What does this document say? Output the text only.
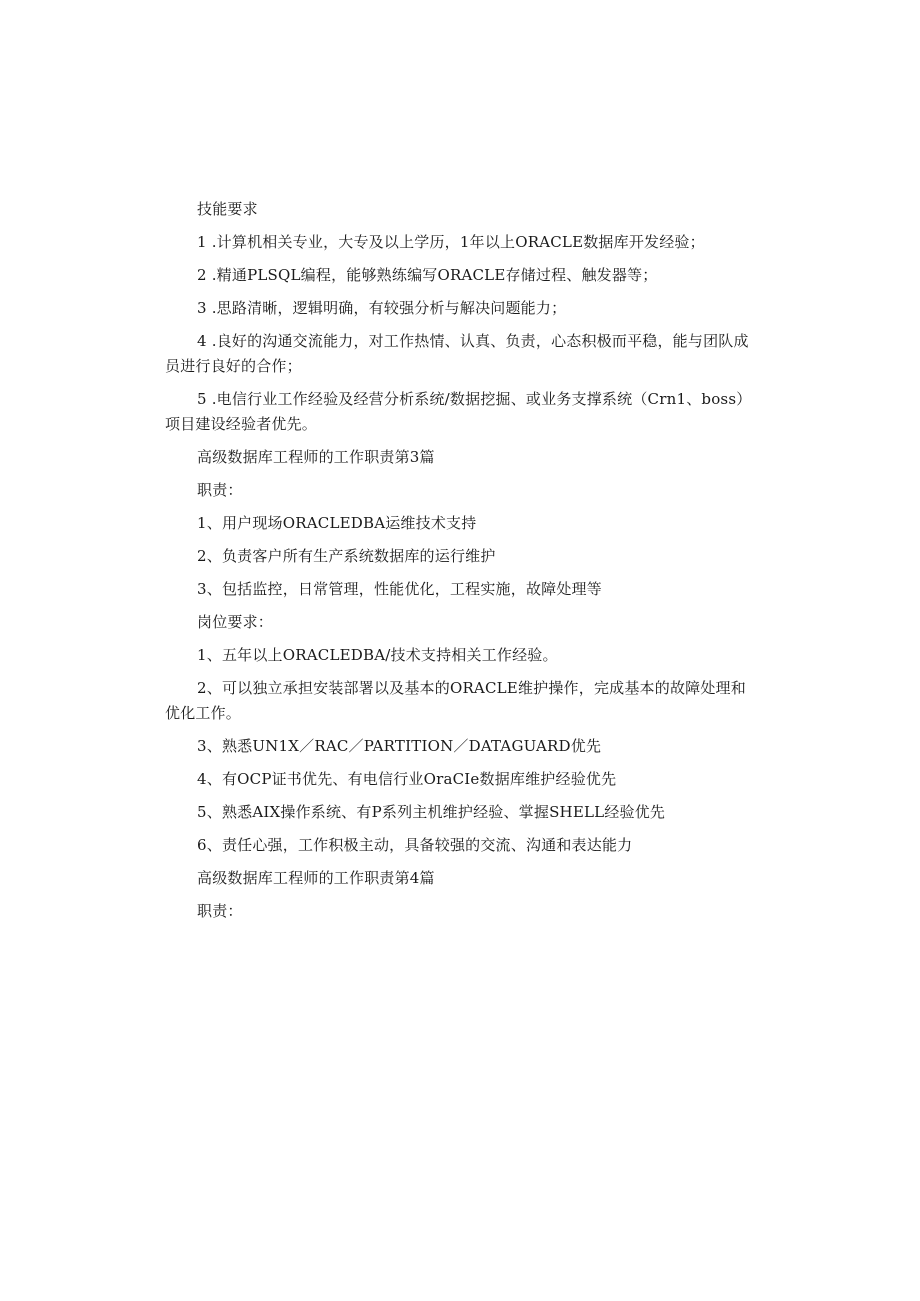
技能要求

1 .计算机相关专业，大专及以上学历，1年以上ORACLE数据库开发经验；

2 .精通PLSQL编程，能够熟练编写ORACLE存储过程、触发器等；

3 .思路清晰，逻辑明确，有较强分析与解决问题能力；

4 .良好的沟通交流能力，对工作热情、认真、负责，心态积极而平稳，能与团队成员进行良好的合作；

5 .电信行业工作经验及经营分析系统/数据挖掘、或业务支撑系统（Crn1、boss）项目建设经验者优先。

高级数据库工程师的工作职责第3篇

职责：

1、用户现场ORACLEDBA运维技术支持

2、负责客户所有生产系统数据库的运行维护

3、包括监控，日常管理，性能优化，工程实施，故障处理等

岗位要求：

1、五年以上ORACLEDBA/技术支持相关工作经验。

2、可以独立承担安装部署以及基本的ORACLE维护操作，完成基本的故障处理和优化工作。

3、熟悉UN1X／RAC／PARTITION／DATAGUARD优先

4、有OCP证书优先、有电信行业OraCIe数据库维护经验优先

5、熟悉AIX操作系统、有P系列主机维护经验、掌握SHELL经验优先

6、责任心强，工作积极主动，具备较强的交流、沟通和表达能力

高级数据库工程师的工作职责第4篇

职责：
